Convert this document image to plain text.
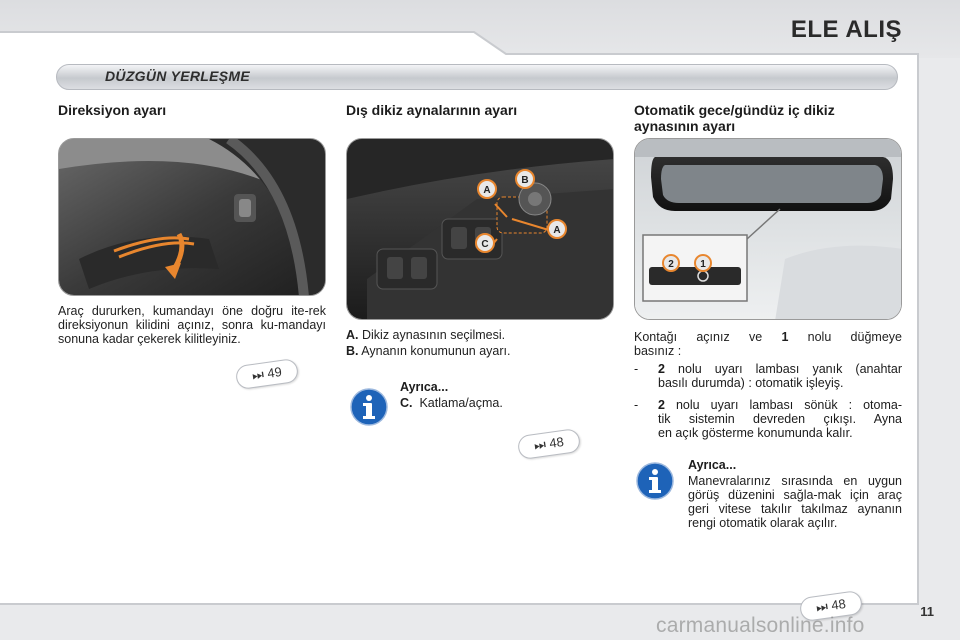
ELE ALIŞ
DÜZGÜN YERLEŞME
Direksiyon ayarı
Araç dururken, kumandayı öne doğru ite-rek direksiyonun kilidini açınız, sonra ku-mandayı sonuna kadar çekerek kilitleyiniz.
⏭ 49
Dış dikiz aynalarının ayarı
A
B
A
C
A. Dikiz aynasının seçilmesi.
B. Aynanın konumunun ayarı.
Ayrıca...
C. Katlama/açma.
⏭ 48
Otomatik gece/gündüz iç dikiz
aynasının ayarı
2	1
Kontağı açınız ve 1 nolu düğmeye
basınız :
- 2 nolu uyarı lambası yanık (anahtar
basılı durumda) : otomatik işleyiş.
- 2 nolu uyarı lambası sönük : otoma-
tik sistemin devreden çıkışı. Ayna
en açık gösterme konumunda kalır.
Ayrıca...
Manevralarınız sırasında en uygun görüş düzenini sağla-mak için araç geri vitese takılır takılmaz aynanın rengi otomatik olarak açılır.
⏭ 48	11
carmanualsonline.info
